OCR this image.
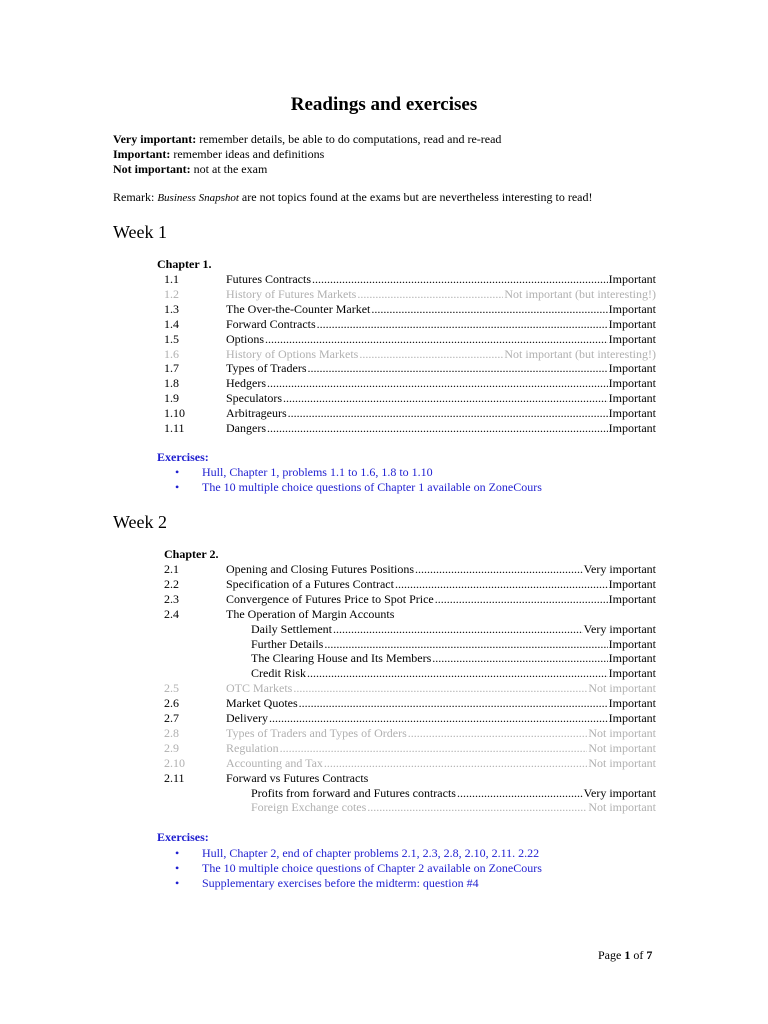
Readings and exercises
Very important: remember details, be able to do computations, read and re-read
Important: remember ideas and definitions
Not important: not at the exam
Remark: Business Snapshot are not topics found at the exams but are nevertheless interesting to read!
Week 1
Chapter 1.
1.1	Futures Contracts .....	Important
1.2	History of Futures Markets .....	Not important (but interesting!)
1.3	The Over-the-Counter Market .....	Important
1.4	Forward Contracts .....	Important
1.5	Options .....	Important
1.6	History of Options Markets .....	Not important (but interesting!)
1.7	Types of Traders .....	Important
1.8	Hedgers .....	Important
1.9	Speculators .....	Important
1.10	Arbitrageurs .....	Important
1.11	Dangers .....	Important
Exercises:
• Hull, Chapter 1, problems 1.1 to 1.6, 1.8 to 1.10
• The 10 multiple choice questions of Chapter 1 available on ZoneCours
Week 2
Chapter 2.
2.1	Opening and Closing Futures Positions .....	Very important
2.2	Specification of a Futures Contract .....	Important
2.3	Convergence of Futures Price to Spot Price .....	Important
2.4	The Operation of Margin Accounts
Daily Settlement .....	Very important
Further Details .....	Important
The Clearing House and Its Members .....	Important
Credit Risk .....	Important
2.5	OTC Markets .....	Not important
2.6	Market Quotes .....	Important
2.7	Delivery .....	Important
2.8	Types of Traders and Types of Orders .....	Not important
2.9	Regulation .....	Not important
2.10	Accounting and Tax .....	Not important
2.11	Forward vs Futures Contracts
Profits from forward and Futures contracts .....	Very important
Foreign Exchange cotes .....	Not important
Exercises:
• Hull, Chapter 2, end of chapter problems 2.1, 2.3, 2.8, 2.10, 2.11. 2.22
• The 10 multiple choice questions of Chapter 2 available on ZoneCours
• Supplementary exercises before the midterm: question #4
Page 1 of 7
